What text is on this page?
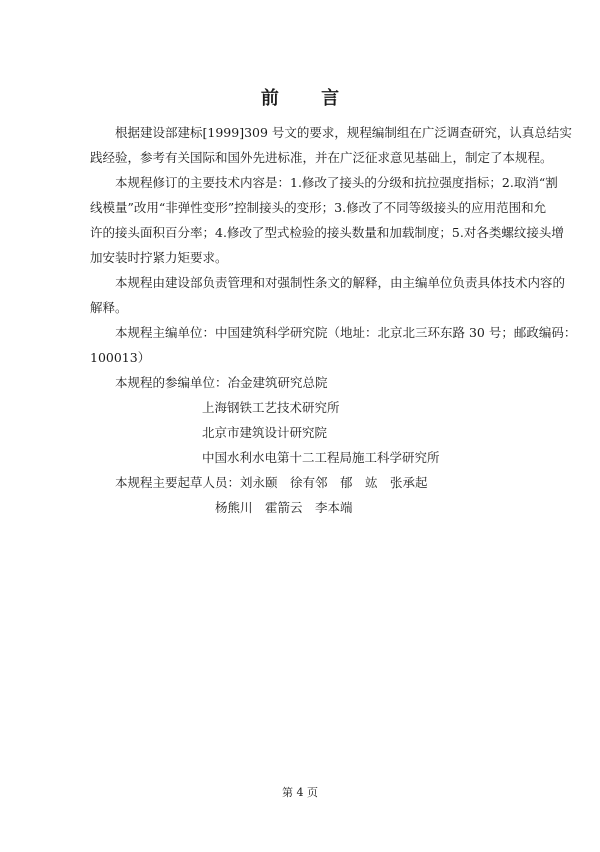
前 言

根据建设部建标[1999]309 号文的要求，规程编制组在广泛调查研究，认真总结实
践经验，参考有关国际和国外先进标准，并在广泛征求意见基础上，制定了本规程。

本规程修订的主要技术内容是：1.修改了接头的分级和抗拉强度指标；2.取消“割
线模量”改用“非弹性变形”控制接头的变形；3.修改了不同等级接头的应用范围和允
许的接头面积百分率；4.修改了型式检验的接头数量和加载制度；5.对各类螺纹接头增
加安装时拧紧力矩要求。

本规程由建设部负责管理和对强制性条文的解释，由主编单位负责具体技术内容的
解释。

本规程主编单位：中国建筑科学研究院（地址：北京北三环东路 30 号；邮政编码：
100013）

本规程的参编单位：冶金建筑研究总院
上海钢铁工艺技术研究所
北京市建筑设计研究院
中国水利水电第十二工程局施工科学研究所
本规程主要起草人员：刘永颐　徐有邻　郁　竑　张承起
杨熊川　霍箭云　李本端
第 4 页
